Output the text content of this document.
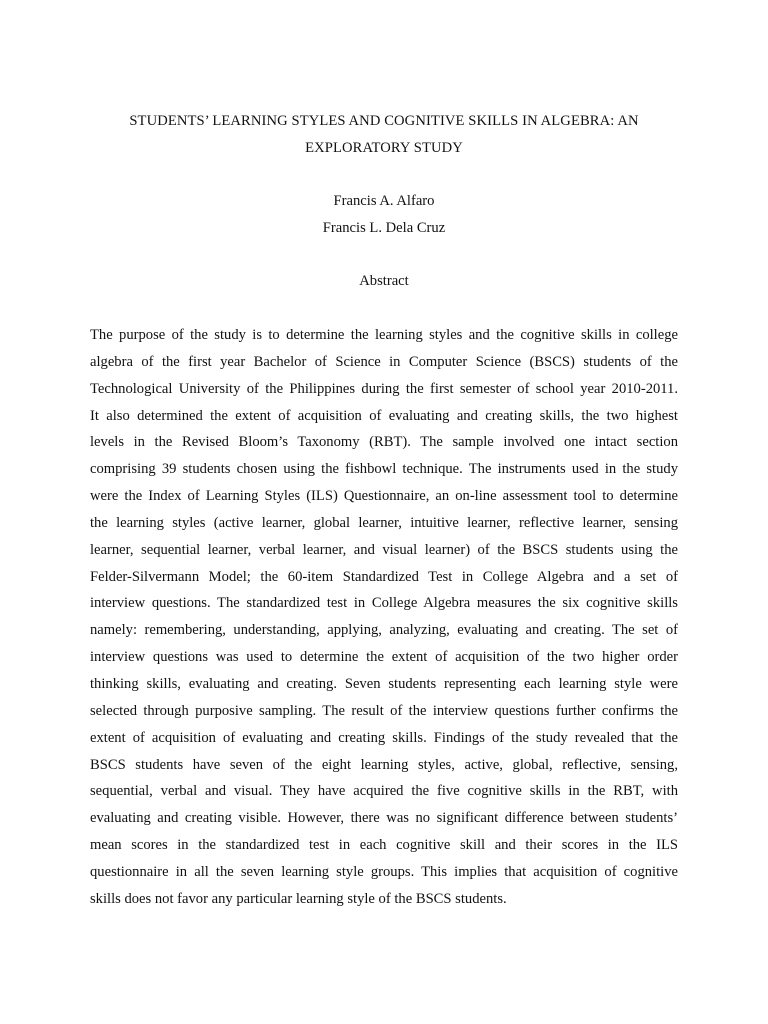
STUDENTS’ LEARNING STYLES AND COGNITIVE SKILLS IN ALGEBRA: AN
EXPLORATORY STUDY
Francis A. Alfaro
Francis L. Dela Cruz
Abstract
The purpose of the study is to determine the learning styles and the cognitive skills in college
algebra of the first year Bachelor of Science in Computer Science (BSCS) students of the
Technological University of the Philippines during the first semester of school year 2010-2011.
It also determined the extent of acquisition of evaluating and creating skills, the two highest
levels in the Revised Bloom’s Taxonomy (RBT). The sample involved one intact section
comprising 39 students chosen using the fishbowl technique. The instruments used in the study
were the Index of Learning Styles (ILS) Questionnaire, an on-line assessment tool to determine
the learning styles (active learner, global learner, intuitive learner, reflective learner, sensing
learner, sequential learner, verbal learner, and visual learner) of the BSCS students using the
Felder-Silvermann Model; the 60-item Standardized Test in College Algebra and a set of
interview questions. The standardized test in College Algebra measures the six cognitive skills
namely: remembering, understanding, applying, analyzing, evaluating and creating. The set of
interview questions was used to determine the extent of acquisition of the two higher order
thinking skills, evaluating and creating. Seven students representing each learning style were
selected through purposive sampling. The result of the interview questions further confirms the
extent of acquisition of evaluating and creating skills. Findings of the study revealed that the
BSCS students have seven of the eight learning styles, active, global, reflective, sensing,
sequential, verbal and visual. They have acquired the five cognitive skills in the RBT, with
evaluating and creating visible. However, there was no significant difference between students’
mean scores in the standardized test in each cognitive skill and their scores in the ILS
questionnaire in all the seven learning style groups. This implies that acquisition of cognitive
skills does not favor any particular learning style of the BSCS students.
